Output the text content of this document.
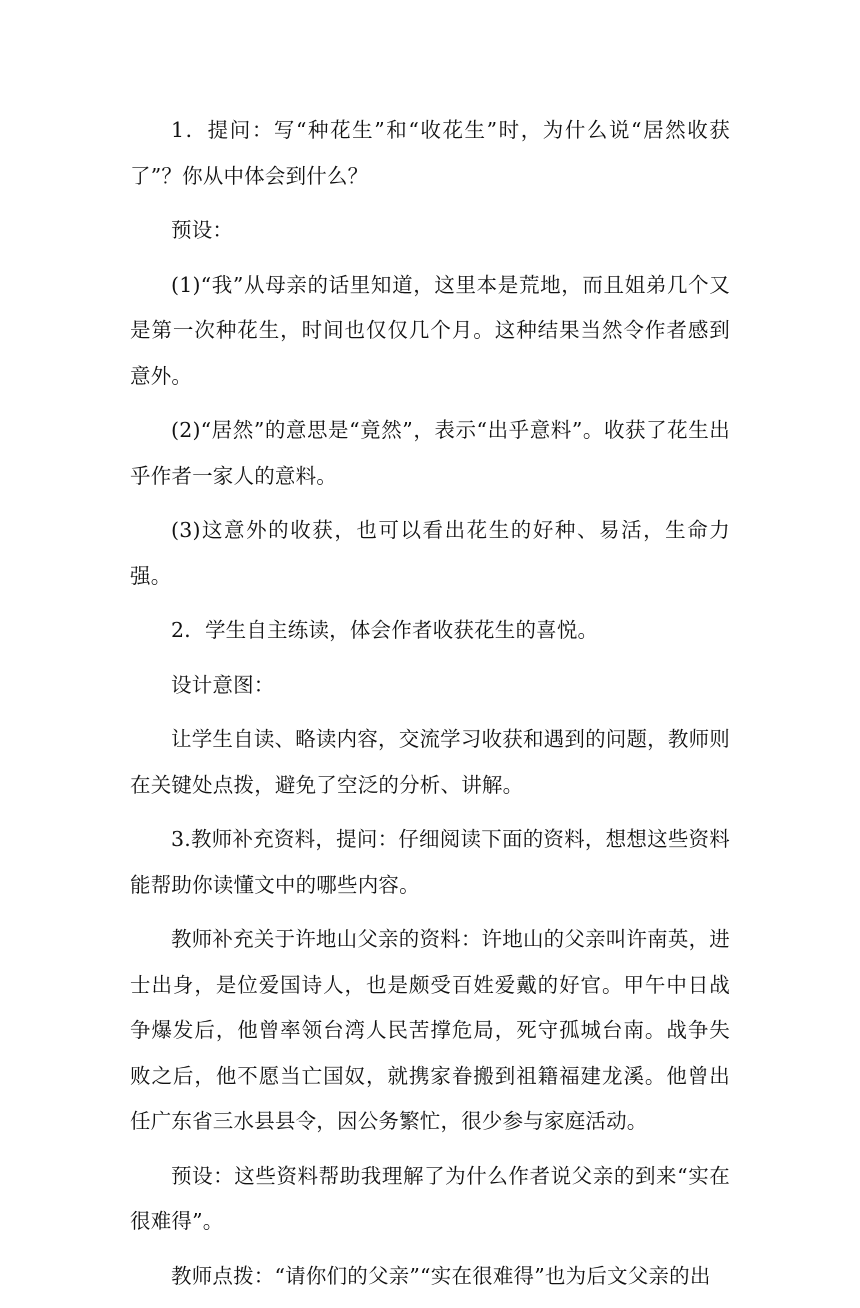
1．提问：写“种花生”和“收花生”时，为什么说“居然收获了”？你从中体会到什么？

预设：

(1)“我”从母亲的话里知道，这里本是荒地，而且姐弟几个又是第一次种花生，时间也仅仅几个月。这种结果当然令作者感到意外。

(2)“居然”的意思是“竟然”，表示“出乎意料”。收获了花生出乎作者一家人的意料。

(3)这意外的收获，也可以看出花生的好种、易活，生命力强。

2．学生自主练读，体会作者收获花生的喜悦。

设计意图：

让学生自读、略读内容，交流学习收获和遇到的问题，教师则在关键处点拨，避免了空泛的分析、讲解。

3.教师补充资料，提问：仔细阅读下面的资料，想想这些资料能帮助你读懂文中的哪些内容。

教师补充关于许地山父亲的资料：许地山的父亲叫许南英，进士出身，是位爱国诗人，也是颇受百姓爱戴的好官。甲午中日战争爆发后，他曾率领台湾人民苦撑危局，死守孤城台南。战争失败之后，他不愿当亡国奴，就携家眷搬到祖籍福建龙溪。他曾出任广东省三水县县令，因公务繁忙，很少参与家庭活动。

预设：这些资料帮助我理解了为什么作者说父亲的到来“实在很难得”。

教师点拨：“请你们的父亲”“实在很难得”也为后文父亲的出
